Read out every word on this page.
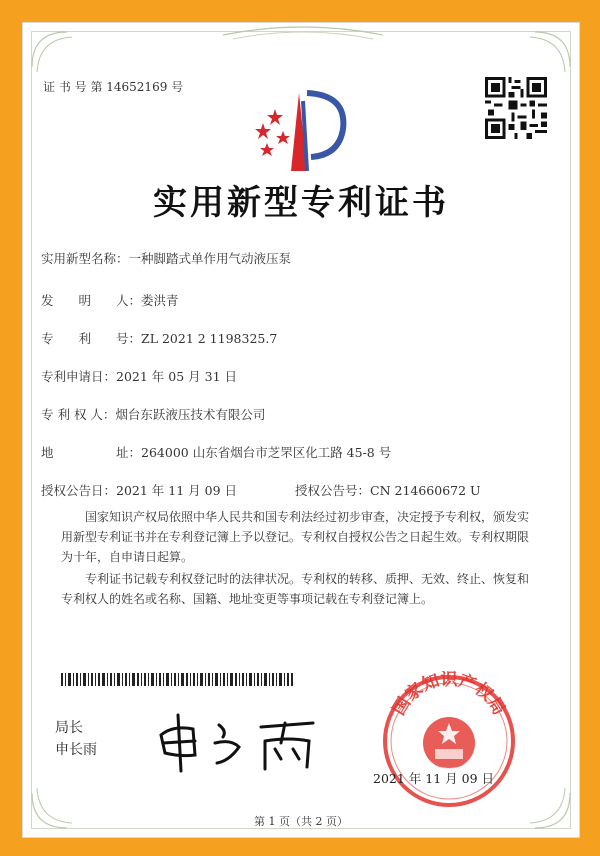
证 书 号 第 14652169 号
实用新型专利证书
实用新型名称：一种脚踏式单作用气动液压泵
发　　明　　人：娄洪青
专　　利　　号：ZL 2021 2 1198325.7
专利申请日：2021 年 05 月 31 日
专 利 权 人：烟台东跃液压技术有限公司
地　　　　　址：264000 山东省烟台市芝罘区化工路 45-8 号
授权公告日：2021 年 11 月 09 日	授权公告号：CN 214660672 U
国家知识产权局依照中华人民共和国专利法经过初步审查，决定授予专利权，颁发实用新型专利证书并在专利登记簿上予以登记。专利权自授权公告之日起生效。专利权期限为十年，自申请日起算。
专利证书记载专利权登记时的法律状况。专利权的转移、质押、无效、终止、恢复和专利权人的姓名或名称、国籍、地址变更等事项记载在专利登记簿上。
局长
申长雨
国家知识产权局
2021 年 11 月 09 日
第 1 页（共 2 页）
